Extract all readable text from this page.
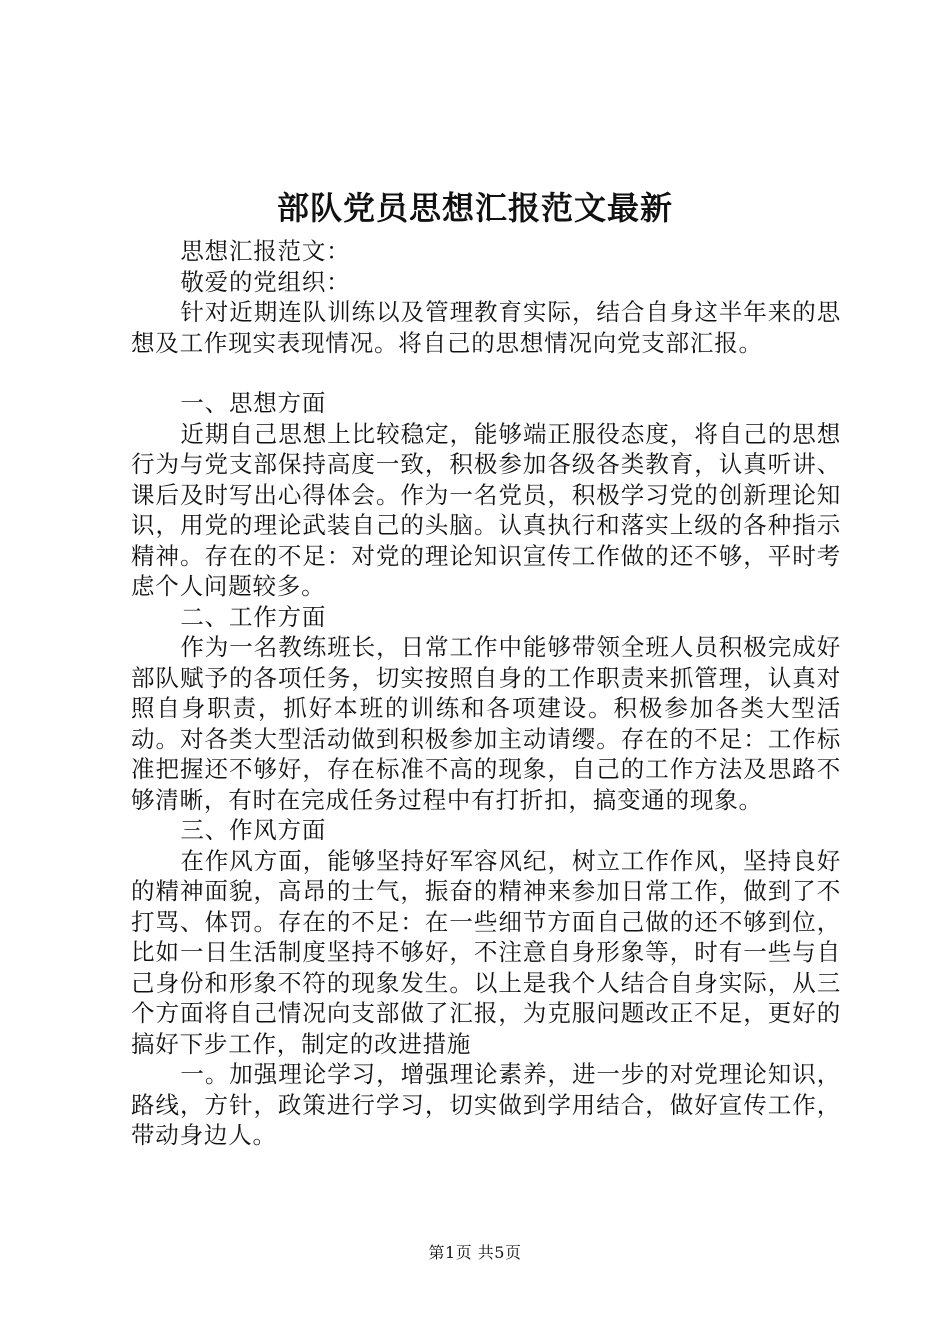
部队党员思想汇报范文最新

思想汇报范文：

敬爱的党组织：

针对近期连队训练以及管理教育实际，结合自身这半年来的思想及工作现实表现情况。将自己的思想情况向党支部汇报。

一、思想方面

近期自己思想上比较稳定，能够端正服役态度，将自己的思想行为与党支部保持高度一致，积极参加各级各类教育，认真听讲、课后及时写出心得体会。作为一名党员，积极学习党的创新理论知识，用党的理论武装自己的头脑。认真执行和落实上级的各种指示精神。存在的不足：对党的理论知识宣传工作做的还不够，平时考虑个人问题较多。

二、工作方面

作为一名教练班长，日常工作中能够带领全班人员积极完成好部队赋予的各项任务，切实按照自身的工作职责来抓管理，认真对照自身职责，抓好本班的训练和各项建设。积极参加各类大型活动。对各类大型活动做到积极参加主动请缨。存在的不足：工作标准把握还不够好，存在标准不高的现象，自己的工作方法及思路不够清晰，有时在完成任务过程中有打折扣，搞变通的现象。

三、作风方面

在作风方面，能够坚持好军容风纪，树立工作作风，坚持良好的精神面貌，高昂的士气，振奋的精神来参加日常工作，做到了不打骂、体罚。存在的不足：在一些细节方面自己做的还不够到位，比如一日生活制度坚持不够好，不注意自身形象等，时有一些与自己身份和形象不符的现象发生。以上是我个人结合自身实际，从三个方面将自己情况向支部做了汇报，为克服问题改正不足，更好的搞好下步工作，制定的改进措施

一。加强理论学习，增强理论素养，进一步的对党理论知识，路线，方针，政策进行学习，切实做到学用结合，做好宣传工作，带动身边人。

第1页 共5页
